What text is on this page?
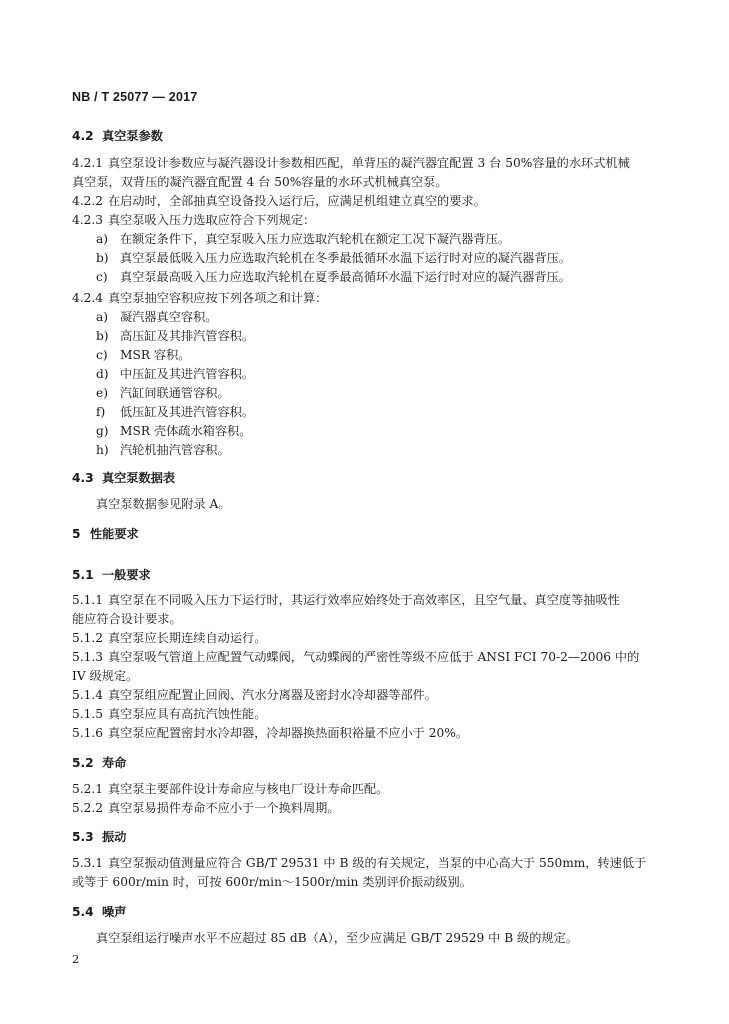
NB / T 25077 — 2017
4.2 真空泵参数
4.2.1 真空泵设计参数应与凝汽器设计参数相匹配，单背压的凝汽器宜配置 3 台 50%容量的水环式机械
真空泵，双背压的凝汽器宜配置 4 台 50%容量的水环式机械真空泵。
4.2.2 在启动时，全部抽真空设备投入运行后，应满足机组建立真空的要求。
4.2.3 真空泵吸入压力选取应符合下列规定：
a) 在额定条件下，真空泵吸入压力应选取汽轮机在额定工况下凝汽器背压。
b) 真空泵最低吸入压力应选取汽轮机在冬季最低循环水温下运行时对应的凝汽器背压。
c) 真空泵最高吸入压力应选取汽轮机在夏季最高循环水温下运行时对应的凝汽器背压。
4.2.4 真空泵抽空容积应按下列各项之和计算：
a) 凝汽器真空容积。
b) 高压缸及其排汽管容积。
c) MSR 容积。
d) 中压缸及其进汽管容积。
e) 汽缸间联通管容积。
f) 低压缸及其进汽管容积。
g) MSR 壳体疏水箱容积。
h) 汽轮机抽汽管容积。
4.3 真空泵数据表
真空泵数据参见附录 A。
5 性能要求
5.1 一般要求
5.1.1 真空泵在不同吸入压力下运行时，其运行效率应始终处于高效率区，且空气量、真空度等抽吸性
能应符合设计要求。
5.1.2 真空泵应长期连续自动运行。
5.1.3 真空泵吸气管道上应配置气动蝶阀，气动蝶阀的严密性等级不应低于 ANSI FCI 70-2—2006 中的
IV 级规定。
5.1.4 真空泵组应配置止回阀、汽水分离器及密封水冷却器等部件。
5.1.5 真空泵应具有高抗汽蚀性能。
5.1.6 真空泵应配置密封水冷却器，冷却器换热面积裕量不应小于 20%。
5.2 寿命
5.2.1 真空泵主要部件设计寿命应与核电厂设计寿命匹配。
5.2.2 真空泵易损件寿命不应小于一个换料周期。
5.3 振动
5.3.1 真空泵振动值测量应符合 GB/T 29531 中 B 级的有关规定，当泵的中心高大于 550mm，转速低于
或等于 600r/min 时，可按 600r/min～1500r/min 类别评价振动级别。
5.4 噪声
真空泵组运行噪声水平不应超过 85 dB（A），至少应满足 GB/T 29529 中 B 级的规定。
2
